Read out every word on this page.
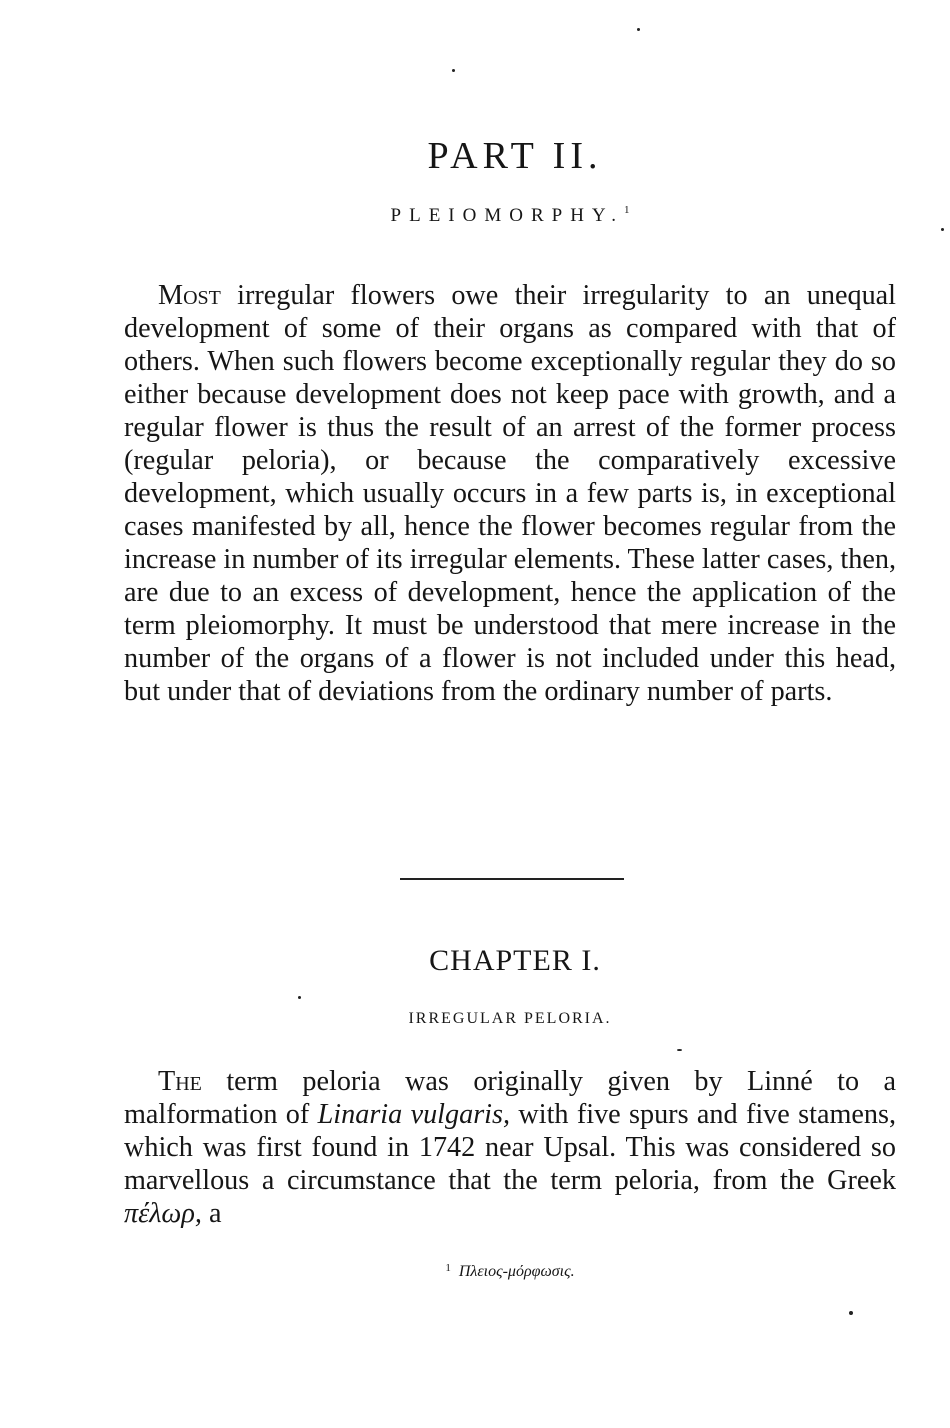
PART II.
PLEIOMORPHY.$^1$

Most irregular flowers owe their irregularity to an unequal development of some of their organs as compared with that of others. When such flowers become exceptionally regular they do so either because development does not keep pace with growth, and a regular flower is thus the result of an arrest of the former process (regular peloria), or because the comparatively excessive development, which usually occurs in a few parts is, in exceptional cases manifested by all, hence the flower becomes regular from the increase in number of its irregular elements. These latter cases, then, are due to an excess of development, hence the application of the term pleiomorphy. It must be understood that mere increase in the number of the organs of a flower is not included under this head, but under that of deviations from the ordinary number of parts.

CHAPTER I.
IRREGULAR PELORIA.

The term peloria was originally given by Linné to a malformation of Linaria vulgaris, with five spurs and five stamens, which was first found in 1742 near Upsal. This was considered so marvellous a circumstance that the term peloria, from the Greek πέλωρ, a

$^1$ Πλειος-μόρφωσις.
